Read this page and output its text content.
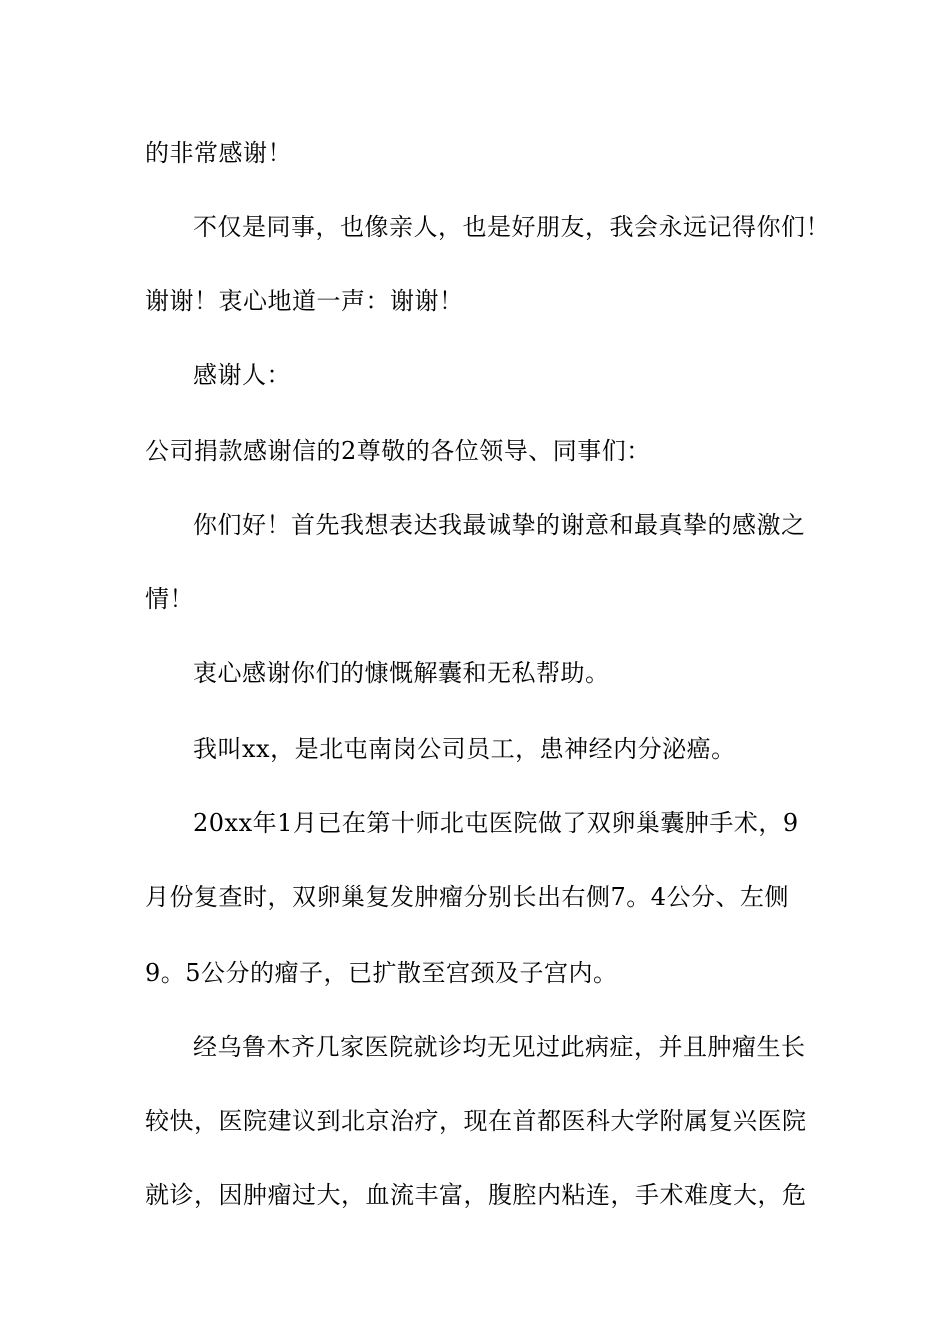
的非常感谢！
不仅是同事，也像亲人，也是好朋友，我会永远记得你们！
谢谢！衷心地道一声：谢谢！
感谢人：
公司捐款感谢信的2尊敬的各位领导、同事们：
你们好！首先我想表达我最诚挚的谢意和最真挚的感激之
情！
衷心感谢你们的慷慨解囊和无私帮助。
我叫xx，是北屯南岗公司员工，患神经内分泌癌。
20xx年1月已在第十师北屯医院做了双卵巢囊肿手术，9
月份复查时，双卵巢复发肿瘤分别长出右侧7。4公分、左侧
9。5公分的瘤子，已扩散至宫颈及子宫内。
经乌鲁木齐几家医院就诊均无见过此病症，并且肿瘤生长
较快，医院建议到北京治疗，现在首都医科大学附属复兴医院
就诊，因肿瘤过大，血流丰富，腹腔内粘连，手术难度大，危
